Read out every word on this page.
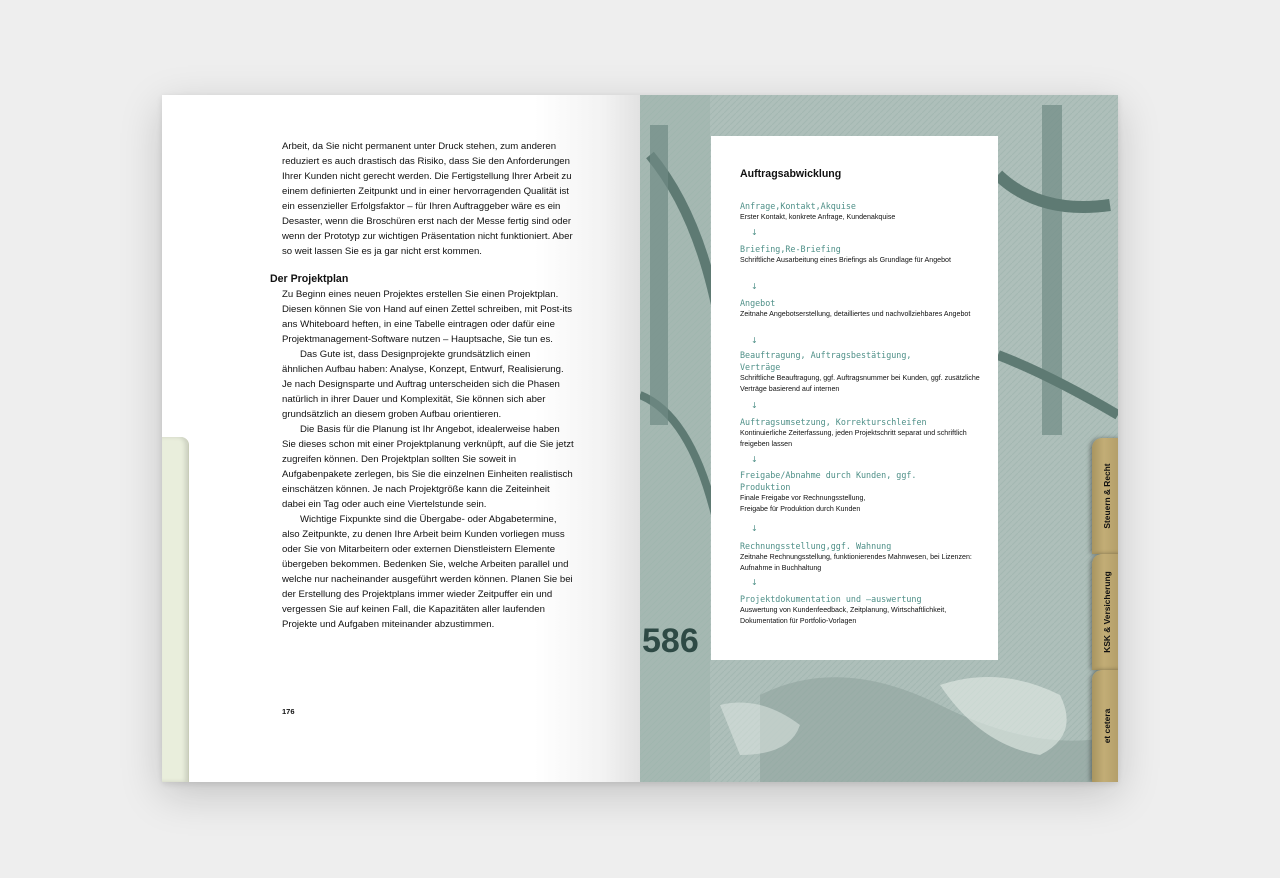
Arbeit, da Sie nicht permanent unter Druck stehen, zum anderen reduziert es auch drastisch das Risiko, dass Sie den Anforderungen Ihrer Kunden nicht gerecht werden. Die Fertigstellung Ihrer Arbeit zu einem definierten Zeitpunkt und in einer hervorragenden Qualität ist ein essenzieller Erfolgsfaktor – für Ihren Auftraggeber wäre es ein Desaster, wenn die Broschüren erst nach der Messe fertig sind oder wenn der Prototyp zur wichtigen Präsentation nicht funktioniert. Aber so weit lassen Sie es ja gar nicht erst kommen.

Der Projektplan

Zu Beginn eines neuen Projektes erstellen Sie einen Projektplan. Diesen können Sie von Hand auf einen Zettel schreiben, mit Post-its ans Whiteboard heften, in eine Tabelle eintragen oder dafür eine Projektmanagement-Software nutzen – Hauptsache, Sie tun es.

Das Gute ist, dass Designprojekte grundsätzlich einen ähnlichen Aufbau haben: Analyse, Konzept, Entwurf, Realisierung. Je nach Designsparte und Auftrag unterscheiden sich die Phasen natürlich in ihrer Dauer und Komplexität, Sie können sich aber grundsätzlich an diesem groben Aufbau orientieren.

Die Basis für die Planung ist Ihr Angebot, idealerweise haben Sie dieses schon mit einer Projektplanung verknüpft, auf die Sie jetzt zugreifen können. Den Projektplan sollten Sie soweit in Aufgabenpakete zerlegen, bis Sie die einzelnen Einheiten realistisch einschätzen können. Je nach Projektgröße kann die Zeiteinheit dabei ein Tag oder auch eine Viertelstunde sein.

Wichtige Fixpunkte sind die Übergabe- oder Abgabetermine, also Zeitpunkte, zu denen Ihre Arbeit beim Kunden vorliegen muss oder Sie von Mitarbeitern oder externen Dienstleistern Elemente übergeben bekommen. Bedenken Sie, welche Arbeiten parallel und welche nur nacheinander ausgeführt werden können. Planen Sie bei der Erstellung des Projektplans immer wieder Zeitpuffer ein und vergessen Sie auf keinen Fall, die Kapazitäten aller laufenden Projekte und Aufgaben miteinander abzustimmen.

176
586
Auftragsabwicklung
Anfrage,Kontakt,Akquise
Erster Kontakt, konkrete Anfrage, Kundenakquise
↓
Briefing,Re-Briefing
Schriftliche Ausarbeitung eines Briefings als Grundlage für Angebot
↓
Angebot
Zeitnahe Angebotserstellung, detailliertes und nachvollziehbares Angebot
↓
Beauftragung, Auftragsbestätigung, Verträge
Schriftliche Beauftragung, ggf. Auftragsnummer bei Kunden, ggf. zusätzliche Verträge basierend auf internen
↓
Auftragsumsetzung, Korrekturschleifen
Kontinuierliche Zeiterfassung, jeden Projektschritt separat und schriftlich freigeben lassen
↓
Freigabe/Abnahme durch Kunden, ggf. Produktion
Finale Freigabe vor Rechnungsstellung, Freigabe für Produktion durch Kunden
↓
Rechnungsstellung,ggf. Wahnung
Zeitnahe Rechnungsstellung, funktionierendes Mahnwesen, bei Lizenzen: Aufnahme in Buchhaltung
↓
Projektdokumentation und –auswertung
Auswertung von Kundenfeedback, Zeitplanung, Wirtschaftlichkeit, Dokumentation für Portfolio-Vorlagen
Steuern & Recht
KSK & Versicherung
et cetera
